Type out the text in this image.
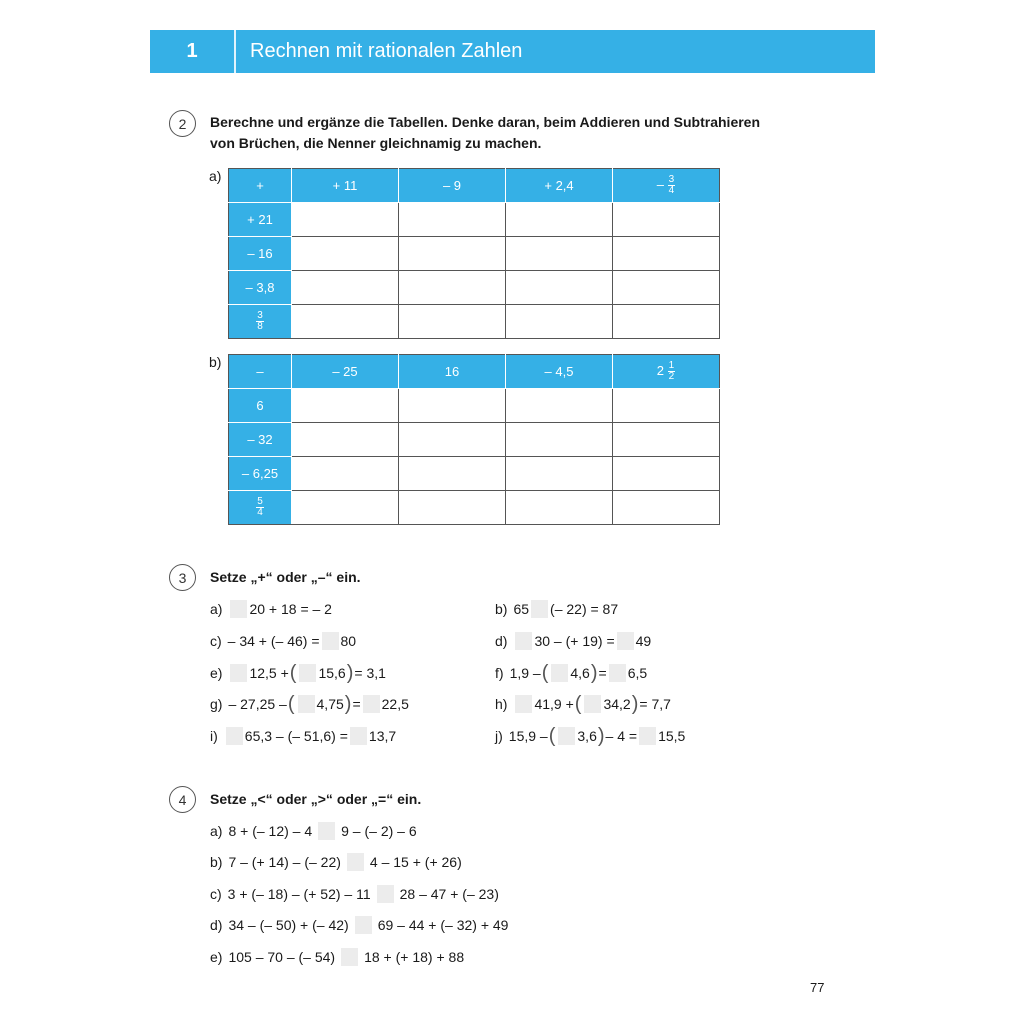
1	Rechnen mit rationalen Zahlen
2	Berechne und ergänze die Tabellen. Denke daran, beim Addieren und Subtrahieren
von Brüchen, die Nenner gleichnamig zu machen.
a)
+	+ 11	– 9	+ 2,4	– $\frac{3}{4}$

+ 21				
– 16				
– 3,8				

$\frac{3}{8}$

b)
–	– 25	16	– 4,5	$2 \frac{1}{2}$

6				
– 32				
– 6,25				

$\frac{5}{4}$

3	Setze „+“ oder „–“ ein.
a) 20 + 18 = – 2	b) 65 (– 22) = 87
c) – 34 + (– 46) = 80	d) 30 – (+ 19) = 49
e) 12,5 + ( 15,6 ) = 3,1	f) 1,9 – ( 4,6 ) = 6,5
g) – 27,25 – ( 4,75 ) = 22,5	h) 41,9 + ( 34,2 ) = 7,7
i) 65,3 – (– 51,6) = 13,7	j) 15,9 – ( 3,6 ) – 4 = 15,5
4	Setze „<“ oder „>“ oder „=“ ein.
a) 8 + (– 12) – 4 9 – (– 2) – 6
b) 7 – (+ 14) – (– 22) 4 – 15 + (+ 26)
c) 3 + (– 18) – (+ 52) – 11 28 – 47 + (– 23)
d) 34 – (– 50) + (– 42) 69 – 44 + (– 32) + 49
e) 105 – 70 – (– 54) 18 + (+ 18) + 88
77
